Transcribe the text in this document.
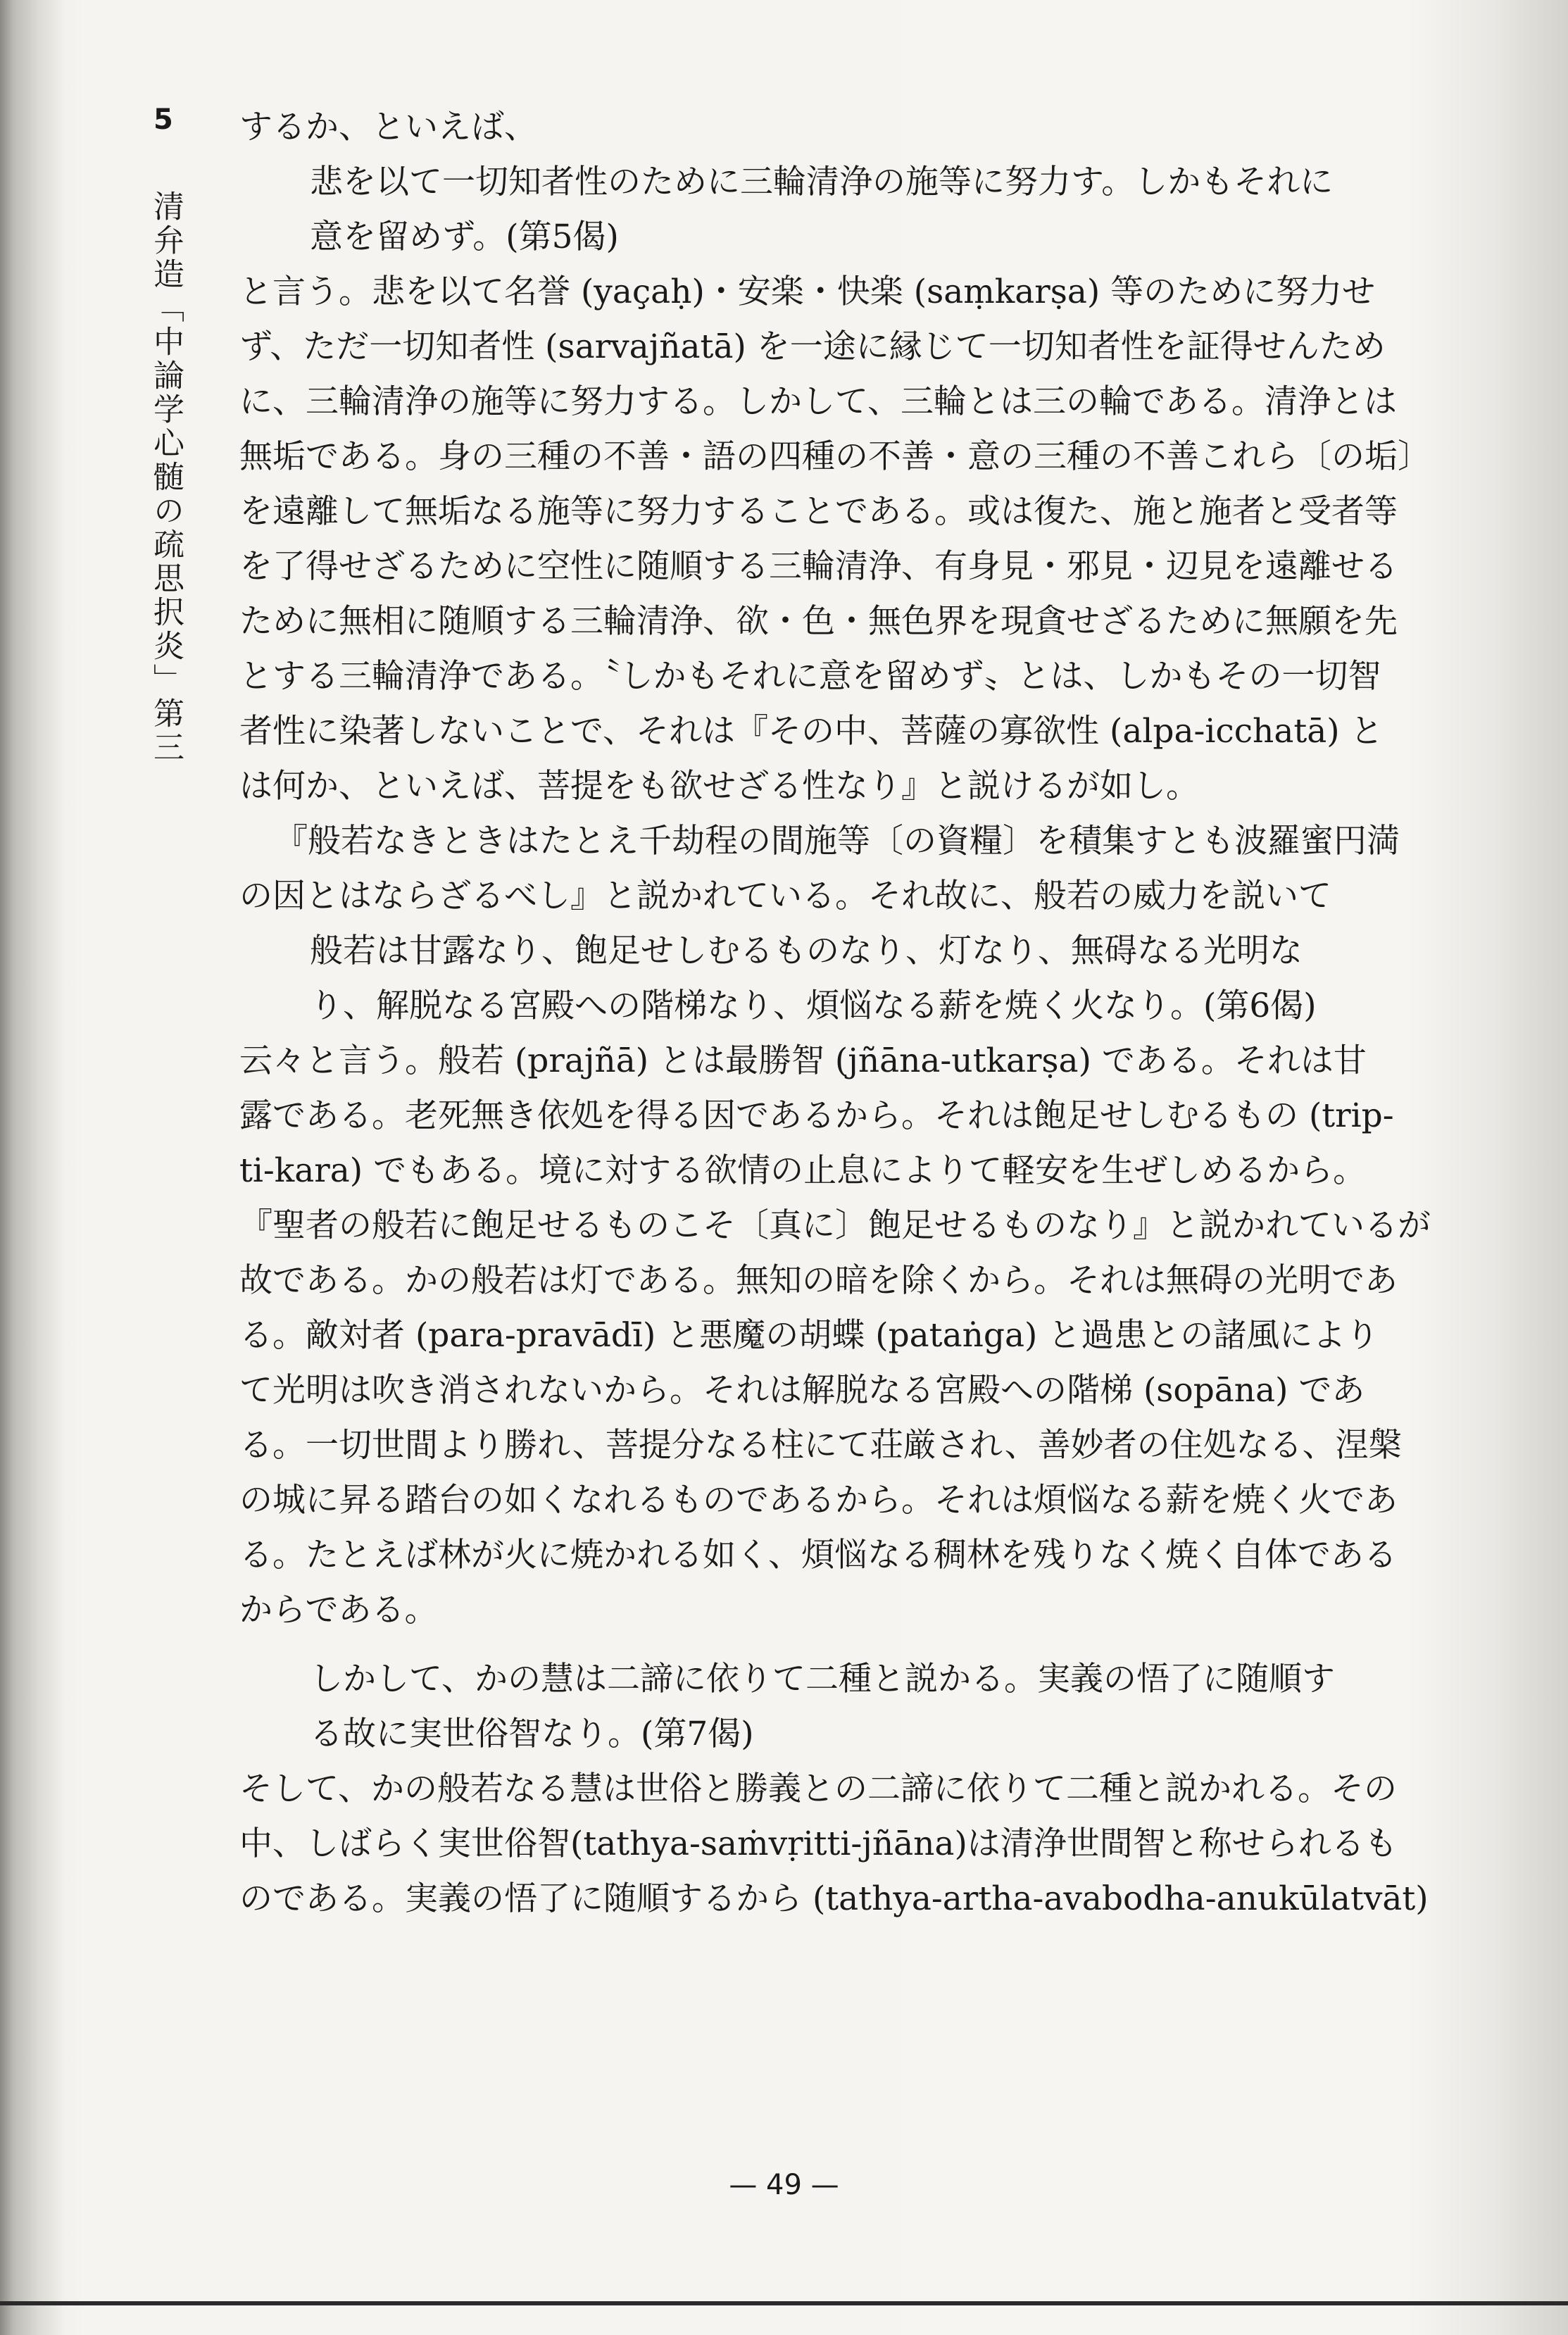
5
清弁造「中論学心髄の疏思択炎」第三
するか、といえば、
悲を以て一切知者性のために三輪清浄の施等に努力す。しかもそれに
意を留めず。(第5偈)
と言う。悲を以て名誉 (yaçaḥ)・安楽・快楽 (saṃkarṣa) 等のために努力せ
ず、ただ一切知者性 (sarvajñatā) を一途に縁じて一切知者性を証得せんため
に、三輪清浄の施等に努力する。しかして、三輪とは三の輪である。清浄とは
無垢である。身の三種の不善・語の四種の不善・意の三種の不善これら〔の垢〕
を遠離して無垢なる施等に努力することである。或は復た、施と施者と受者等
を了得せざるために空性に随順する三輪清浄、有身見・邪見・辺見を遠離せる
ために無相に随順する三輪清浄、欲・色・無色界を現貪せざるために無願を先
とする三輪清浄である。〝しかもそれに意を留めず〟とは、しかもその一切智
者性に染著しないことで、それは『その中、菩薩の寡欲性 (alpa-icchatā) と
は何か、といえば、菩提をも欲せざる性なり』と説けるが如し。
『般若なきときはたとえ千劫程の間施等〔の資糧〕を積集すとも波羅蜜円満
の因とはならざるべし』と説かれている。それ故に、般若の威力を説いて
般若は甘露なり、飽足せしむるものなり、灯なり、無碍なる光明な
り、解脱なる宮殿への階梯なり、煩悩なる薪を焼く火なり。(第6偈)
云々と言う。般若 (prajñā) とは最勝智 (jñāna-utkarṣa) である。それは甘
露である。老死無き依処を得る因であるから。それは飽足せしむるもの (trip-
ti-kara) でもある。境に対する欲情の止息によりて軽安を生ぜしめるから。
『聖者の般若に飽足せるものこそ〔真に〕飽足せるものなり』と説かれているが
故である。かの般若は灯である。無知の暗を除くから。それは無碍の光明であ
る。敵対者 (para-pravādī) と悪魔の胡蝶 (pataṅga) と過患との諸風により
て光明は吹き消されないから。それは解脱なる宮殿への階梯 (sopāna) であ
る。一切世間より勝れ、菩提分なる柱にて荘厳され、善妙者の住処なる、涅槃
の城に昇る踏台の如くなれるものであるから。それは煩悩なる薪を焼く火であ
る。たとえば林が火に焼かれる如く、煩悩なる稠林を残りなく焼く自体である
からである。
しかして、かの慧は二諦に依りて二種と説かる。実義の悟了に随順す
る故に実世俗智なり。(第7偈)
そして、かの般若なる慧は世俗と勝義との二諦に依りて二種と説かれる。その
中、しばらく実世俗智(tathya-saṁvṛitti-jñāna)は清浄世間智と称せられるも
のである。実義の悟了に随順するから (tathya-artha-avabodha-anukūlatvāt)
— 49 —
